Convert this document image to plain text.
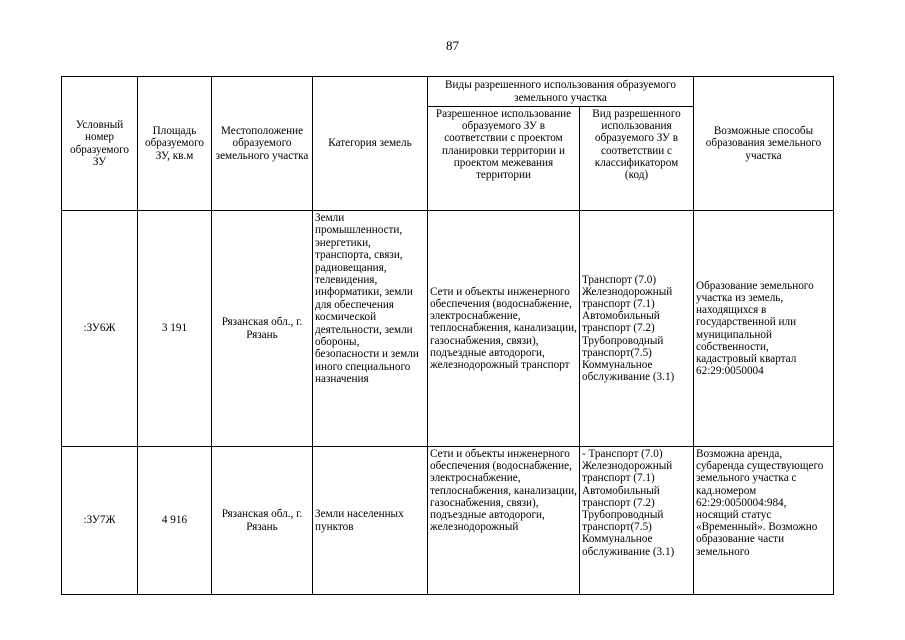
87
Условный номер образуемого ЗУ	Площадь образуемого ЗУ, кв.м	Местоположение образуемого земельного участка	Категория земель	Виды разрешенного использования образуемого земельного участка		Возможные способы образования земельного участка
				Разрешенное использование образуемого ЗУ в соответствии с проектом планировки территории и проектом межевания территории	Вид разрешенного использования образуемого ЗУ в соответствии с классификатором (код)	
:ЗУ6Ж	3 191	Рязанская обл., г. Рязань	Земли промышленности, энергетики, транспорта, связи, радиовещания, телевидения, информатики, земли для обеспечения космической деятельности, земли обороны, безопасности и земли иного специального назначения	Сети и объекты инженерного обеспечения (водоснабжение, электроснабжение, теплоснабжения, канализации, газоснабжения, связи), подъездные автодороги, железнодорожный транспорт	Транспорт (7.0) Железнодорожный транспорт (7.1) Автомобильный транспорт (7.2) Трубопроводный транспорт(7.5) Коммунальное обслуживание (3.1)	Образование земельного участка из земель, находящихся в государственной или муниципальной собственности, кадастровый квартал 62:29:0050004
:ЗУ7Ж	4 916	Рязанская обл., г. Рязань	Земли населенных пунктов	Сети и объекты инженерного обеспечения (водоснабжение, электроснабжение, теплоснабжения, канализации, газоснабжения, связи), подъездные автодороги, железнодорожный	- Транспорт (7.0) Железнодорожный транспорт (7.1) Автомобильный транспорт (7.2) Трубопроводный транспорт(7.5) Коммунальное обслуживание (3.1)	Возможна аренда, субаренда существующего земельного участка с кад.номером 62:29:0050004:984, носящий статус «Временный». Возможно образование части земельного
